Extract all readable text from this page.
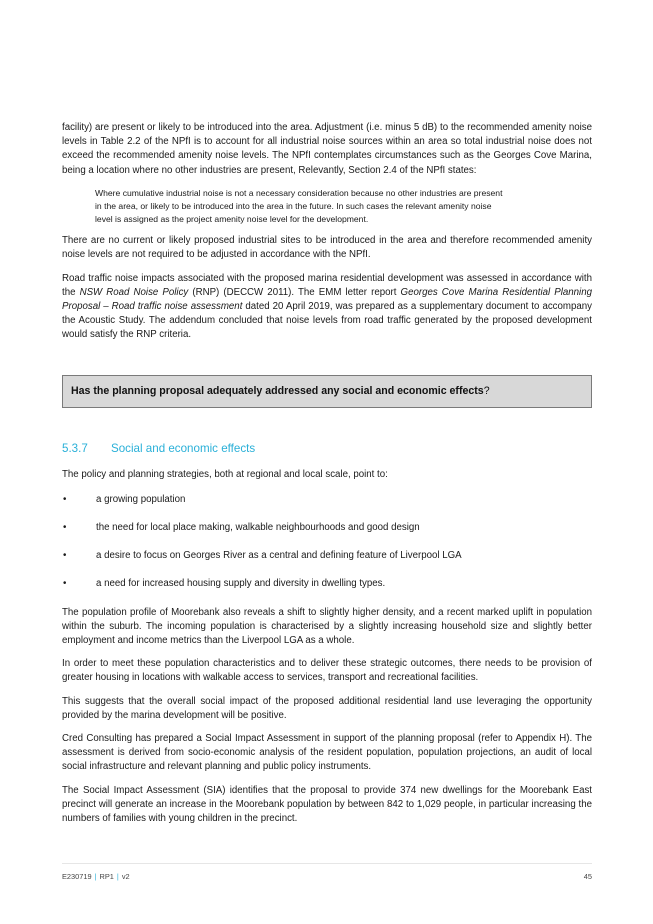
facility) are present or likely to be introduced into the area. Adjustment (i.e. minus 5 dB) to the recommended amenity noise levels in Table 2.2 of the NPfI is to account for all industrial noise sources within an area so total industrial noise does not exceed the recommended amenity noise levels. The NPfI contemplates circumstances such as the Georges Cove Marina, being a location where no other industries are present, Relevantly, Section 2.4 of the NPfI states:

Where cumulative industrial noise is not a necessary consideration because no other industries are present
in the area, or likely to be introduced into the area in the future. In such cases the relevant amenity noise
level is assigned as the project amenity noise level for the development.

There are no current or likely proposed industrial sites to be introduced in the area and therefore recommended amenity noise levels are not required to be adjusted in accordance with the NPfI.

Road traffic noise impacts associated with the proposed marina residential development was assessed in accordance with the NSW Road Noise Policy (RNP) (DECCW 2011). The EMM letter report Georges Cove Marina Residential Planning Proposal – Road traffic noise assessment dated 20 April 2019, was prepared as a supplementary document to accompany the Acoustic Study. The addendum concluded that noise levels from road traffic generated by the proposed development would satisfy the RNP criteria.

Has the planning proposal adequately addressed any social and economic effects ?
5.3.7	Social and economic effects

The policy and planning strategies, both at regional and local scale, point to:

•	a growing population
•	the need for local place making, walkable neighbourhoods and good design
•	a desire to focus on Georges River as a central and defining feature of Liverpool LGA
•	a need for increased housing supply and diversity in dwelling types.

The population profile of Moorebank also reveals a shift to slightly higher density, and a recent marked uplift in population within the suburb. The incoming population is characterised by a slightly increasing household size and slightly better employment and income metrics than the Liverpool LGA as a whole.

In order to meet these population characteristics and to deliver these strategic outcomes, there needs to be provision of greater housing in locations with walkable access to services, transport and recreational facilities.

This suggests that the overall social impact of the proposed additional residential land use leveraging the opportunity provided by the marina development will be positive.

Cred Consulting has prepared a Social Impact Assessment in support of the planning proposal (refer to Appendix H). The assessment is derived from socio-economic analysis of the resident population, population projections, an audit of local social infrastructure and relevant planning and public policy instruments.

The Social Impact Assessment (SIA) identifies that the proposal to provide 374 new dwellings for the Moorebank East precinct will generate an increase in the Moorebank population by between 842 to 1,029 people, in particular increasing the numbers of families with young children in the precinct.

E230719 | RP1 | v2	45
